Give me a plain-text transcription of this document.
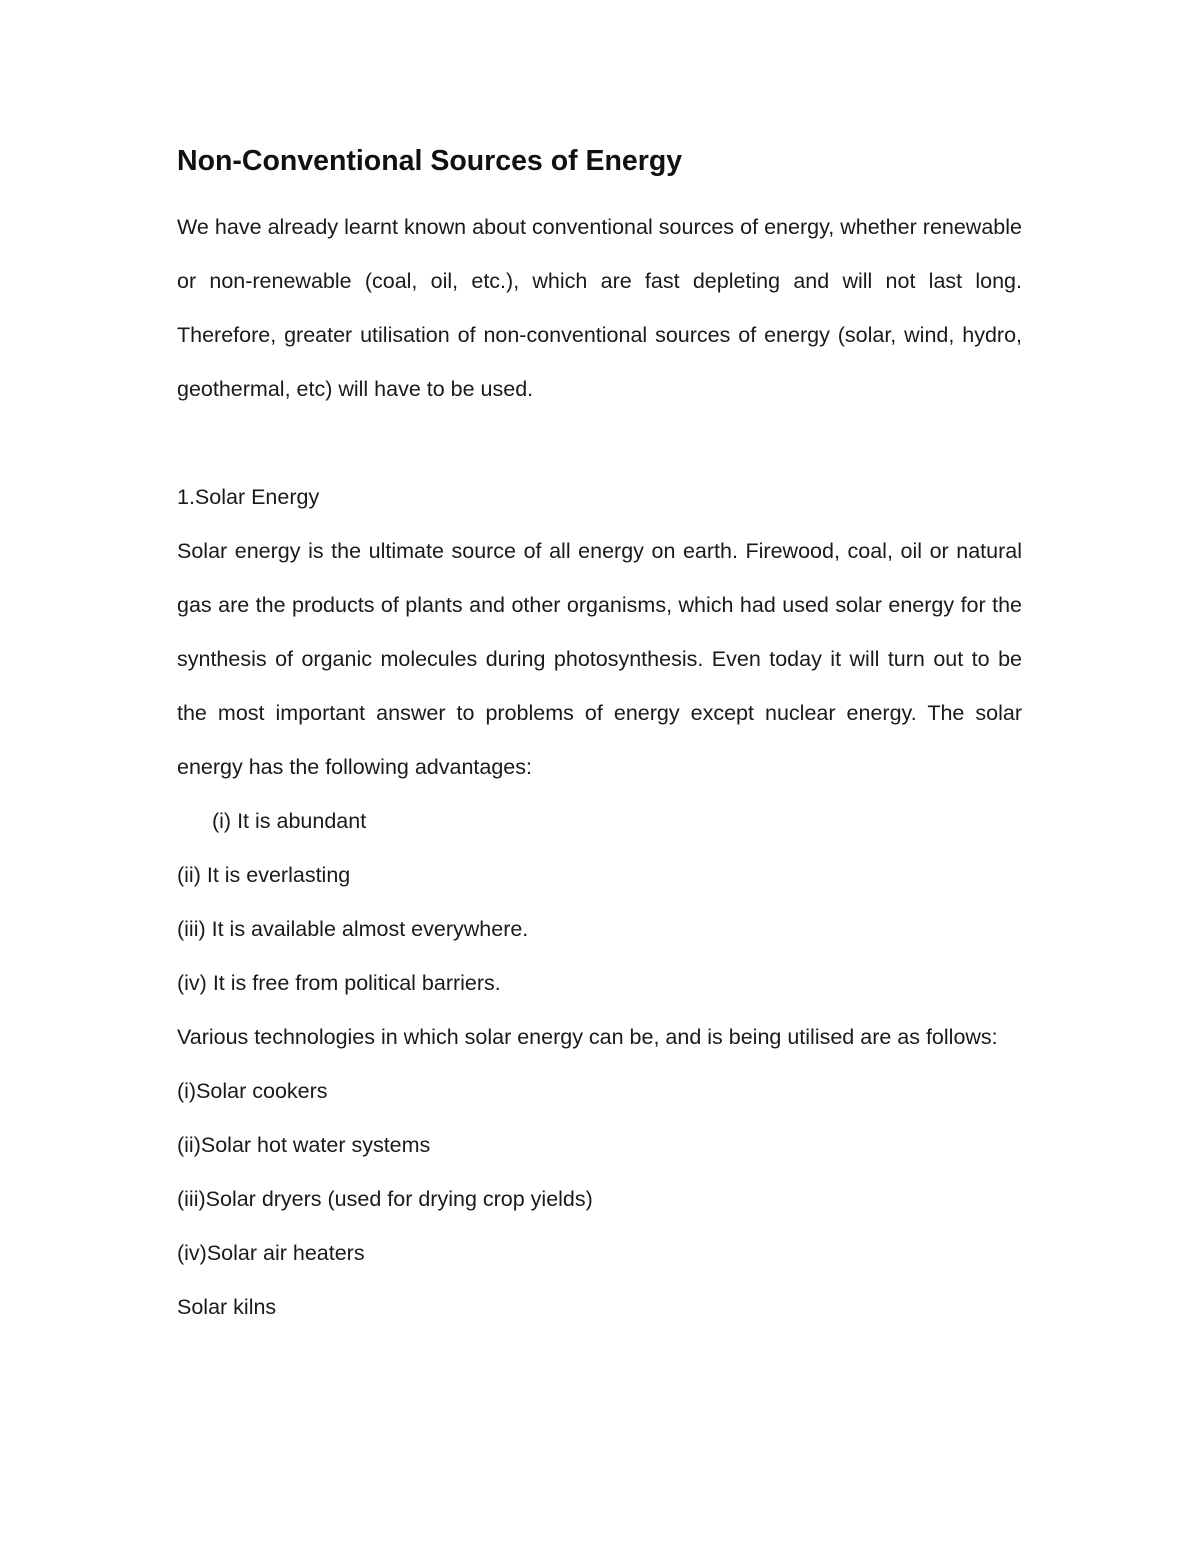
Non-Conventional Sources of Energy

We have already learnt known about conventional sources of energy, whether renewable or non-renewable (coal, oil, etc.), which are fast depleting and will not last long. Therefore, greater utilisation of non-conventional sources of energy (solar, wind, hydro, geothermal, etc) will have to be used.

1.Solar Energy

Solar energy is the ultimate source of all energy on earth. Firewood, coal, oil or natural gas are the products of plants and other organisms, which had used solar energy for the synthesis of organic molecules during photosynthesis. Even today it will turn out to be the most important answer to problems of energy except nuclear energy. The solar energy has the following advantages:

(i) It is abundant

(ii) It is everlasting

(iii) It is available almost everywhere.

(iv) It is free from political barriers.

Various technologies in which solar energy can be, and is being utilised are as follows:

(i)Solar cookers

(ii)Solar hot water systems

(iii)Solar dryers (used for drying crop yields)

(iv)Solar air heaters

Solar kilns
